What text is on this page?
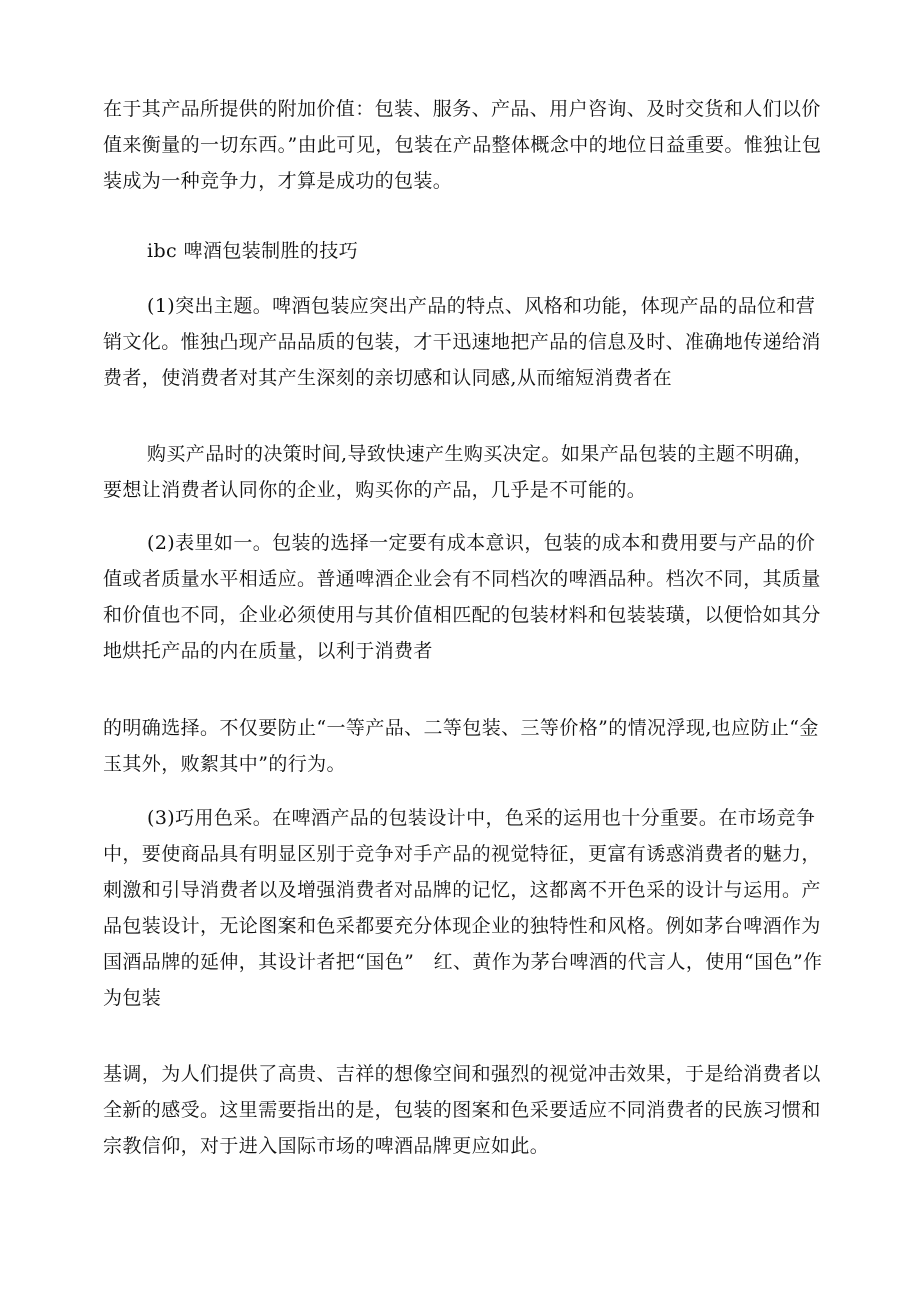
在于其产品所提供的附加价值：包装、服务、产品、用户咨询、及时交货和人们以价值来衡量的一切东西。”由此可见，包装在产品整体概念中的地位日益重要。惟独让包装成为一种竞争力，才算是成功的包装。

ibc 啤酒包装制胜的技巧

(1)突出主题。啤酒包装应突出产品的特点、风格和功能，体现产品的品位和营销文化。惟独凸现产品品质的包装，才干迅速地把产品的信息及时、准确地传递给消费者，使消费者对其产生深刻的亲切感和认同感,从而缩短消费者在

购买产品时的决策时间,导致快速产生购买决定。如果产品包装的主题不明确，要想让消费者认同你的企业，购买你的产品，几乎是不可能的。

(2)表里如一。包装的选择一定要有成本意识，包装的成本和费用要与产品的价值或者质量水平相适应。普通啤酒企业会有不同档次的啤酒品种。档次不同，其质量和价值也不同，企业必须使用与其价值相匹配的包装材料和包装装璜，以便恰如其分地烘托产品的内在质量，以利于消费者

的明确选择。不仅要防止“一等产品、二等包装、三等价格”的情况浮现,也应防止“金玉其外，败絮其中”的行为。

(3)巧用色采。在啤酒产品的包装设计中，色采的运用也十分重要。在市场竞争中，要使商品具有明显区别于竞争对手产品的视觉特征，更富有诱惑消费者的魅力，刺激和引导消费者以及增强消费者对品牌的记忆，这都离不开色采的设计与运用。产品包装设计，无论图案和色采都要充分体现企业的独特性和风格。例如茅台啤酒作为国酒品牌的延伸，其设计者把“国色”　红、黄作为茅台啤酒的代言人，使用“国色”作为包装

基调，为人们提供了高贵、吉祥的想像空间和强烈的视觉冲击效果，于是给消费者以全新的感受。这里需要指出的是，包装的图案和色采要适应不同消费者的民族习惯和宗教信仰，对于进入国际市场的啤酒品牌更应如此。
